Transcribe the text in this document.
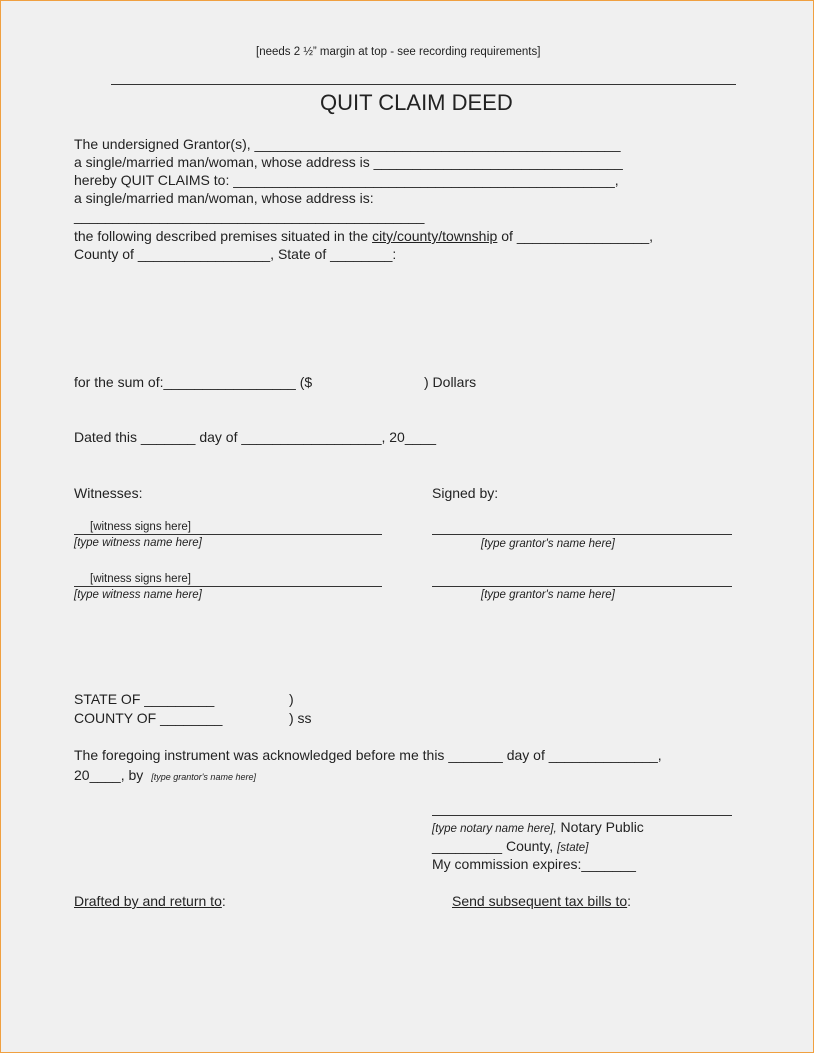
[needs 2 ½” margin at top - see recording requirements]
QUIT CLAIM DEED
The undersigned Grantor(s), _______________________________________________
a single/married man/woman, whose address is ________________________________
hereby QUIT CLAIMS to: _________________________________________________,
a single/married man/woman, whose address is:
_____________________________________________
the following described premises situated in the city/county/township of _________________,
County of _________________, State of ________:
for the sum of:_________________ ($	) Dollars
Dated this _______ day of __________________, 20____
Witnesses:	Signed by:
[witness signs here]
[type witness name here]	[type grantor's name here]
[witness signs here]
[type witness name here]	[type grantor's name here]
STATE OF _________	)
COUNTY OF ________	) ss
The foregoing instrument was acknowledged before me this _______ day of ______________,
20____, by [type grantor's name here]
[type notary name here], Notary Public
_________ County, [state]
My commission expires:_______
Drafted by and return to:	Send subsequent tax bills to:
